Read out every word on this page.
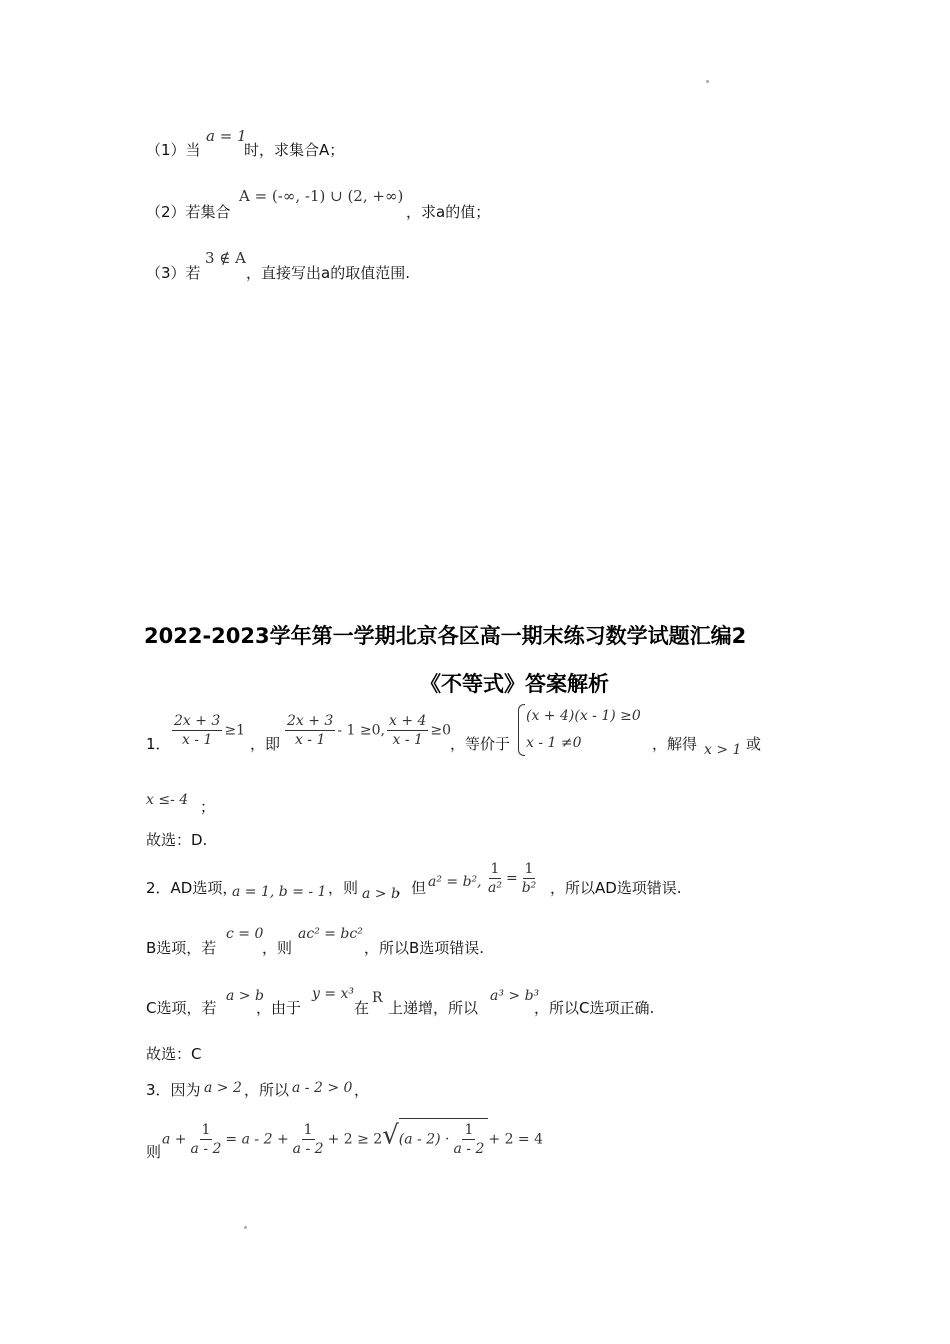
（1）当
a = 1
时，求集合A；
（2）若集合
A = (-∞, -1) ∪ (2, +∞)
，求a的值；
（3）若
3 ∉ A
，直接写出a的取值范围.
2022-2023学年第一学期北京各区高一期末练习数学试题汇编2
《不等式》答案解析
1． $\frac{2x + 3}{x - 1} \ge 1$
，即 $\frac{2x + 3}{x - 1} - 1 \ge 0$, $\frac{x + 4}{x - 1} \ge 0$
，等价于
(x + 4)(x - 1) ≥0
x - 1 ≠0	，解得 x > 1 或
x ≤- 4 ；
故选：D.
2．AD选项，
a = 1, b = - 1 ，则 a > b
，但 a² = b², $\frac{1}{\text{a²}} = \frac{1}{\text{b²}}$ ，所以AD选项错误.
B选项，若
c = 0
，则
ac² = bc²
，所以B选项错误.
C选项，若
a > b
，由于
y = x³
在
R
上递增，所以
a³ > b³
，所以C选项正确.
故选：C
3．因为 a > 2 ，所以 a - 2 > 0 ，
则
$a + \frac{1}{a - 2} = a - 2 + \frac{1}{a - 2} + 2 \ge 2√(a - 2) \cdot \frac{1}{a - 2} + 2 = 4$
